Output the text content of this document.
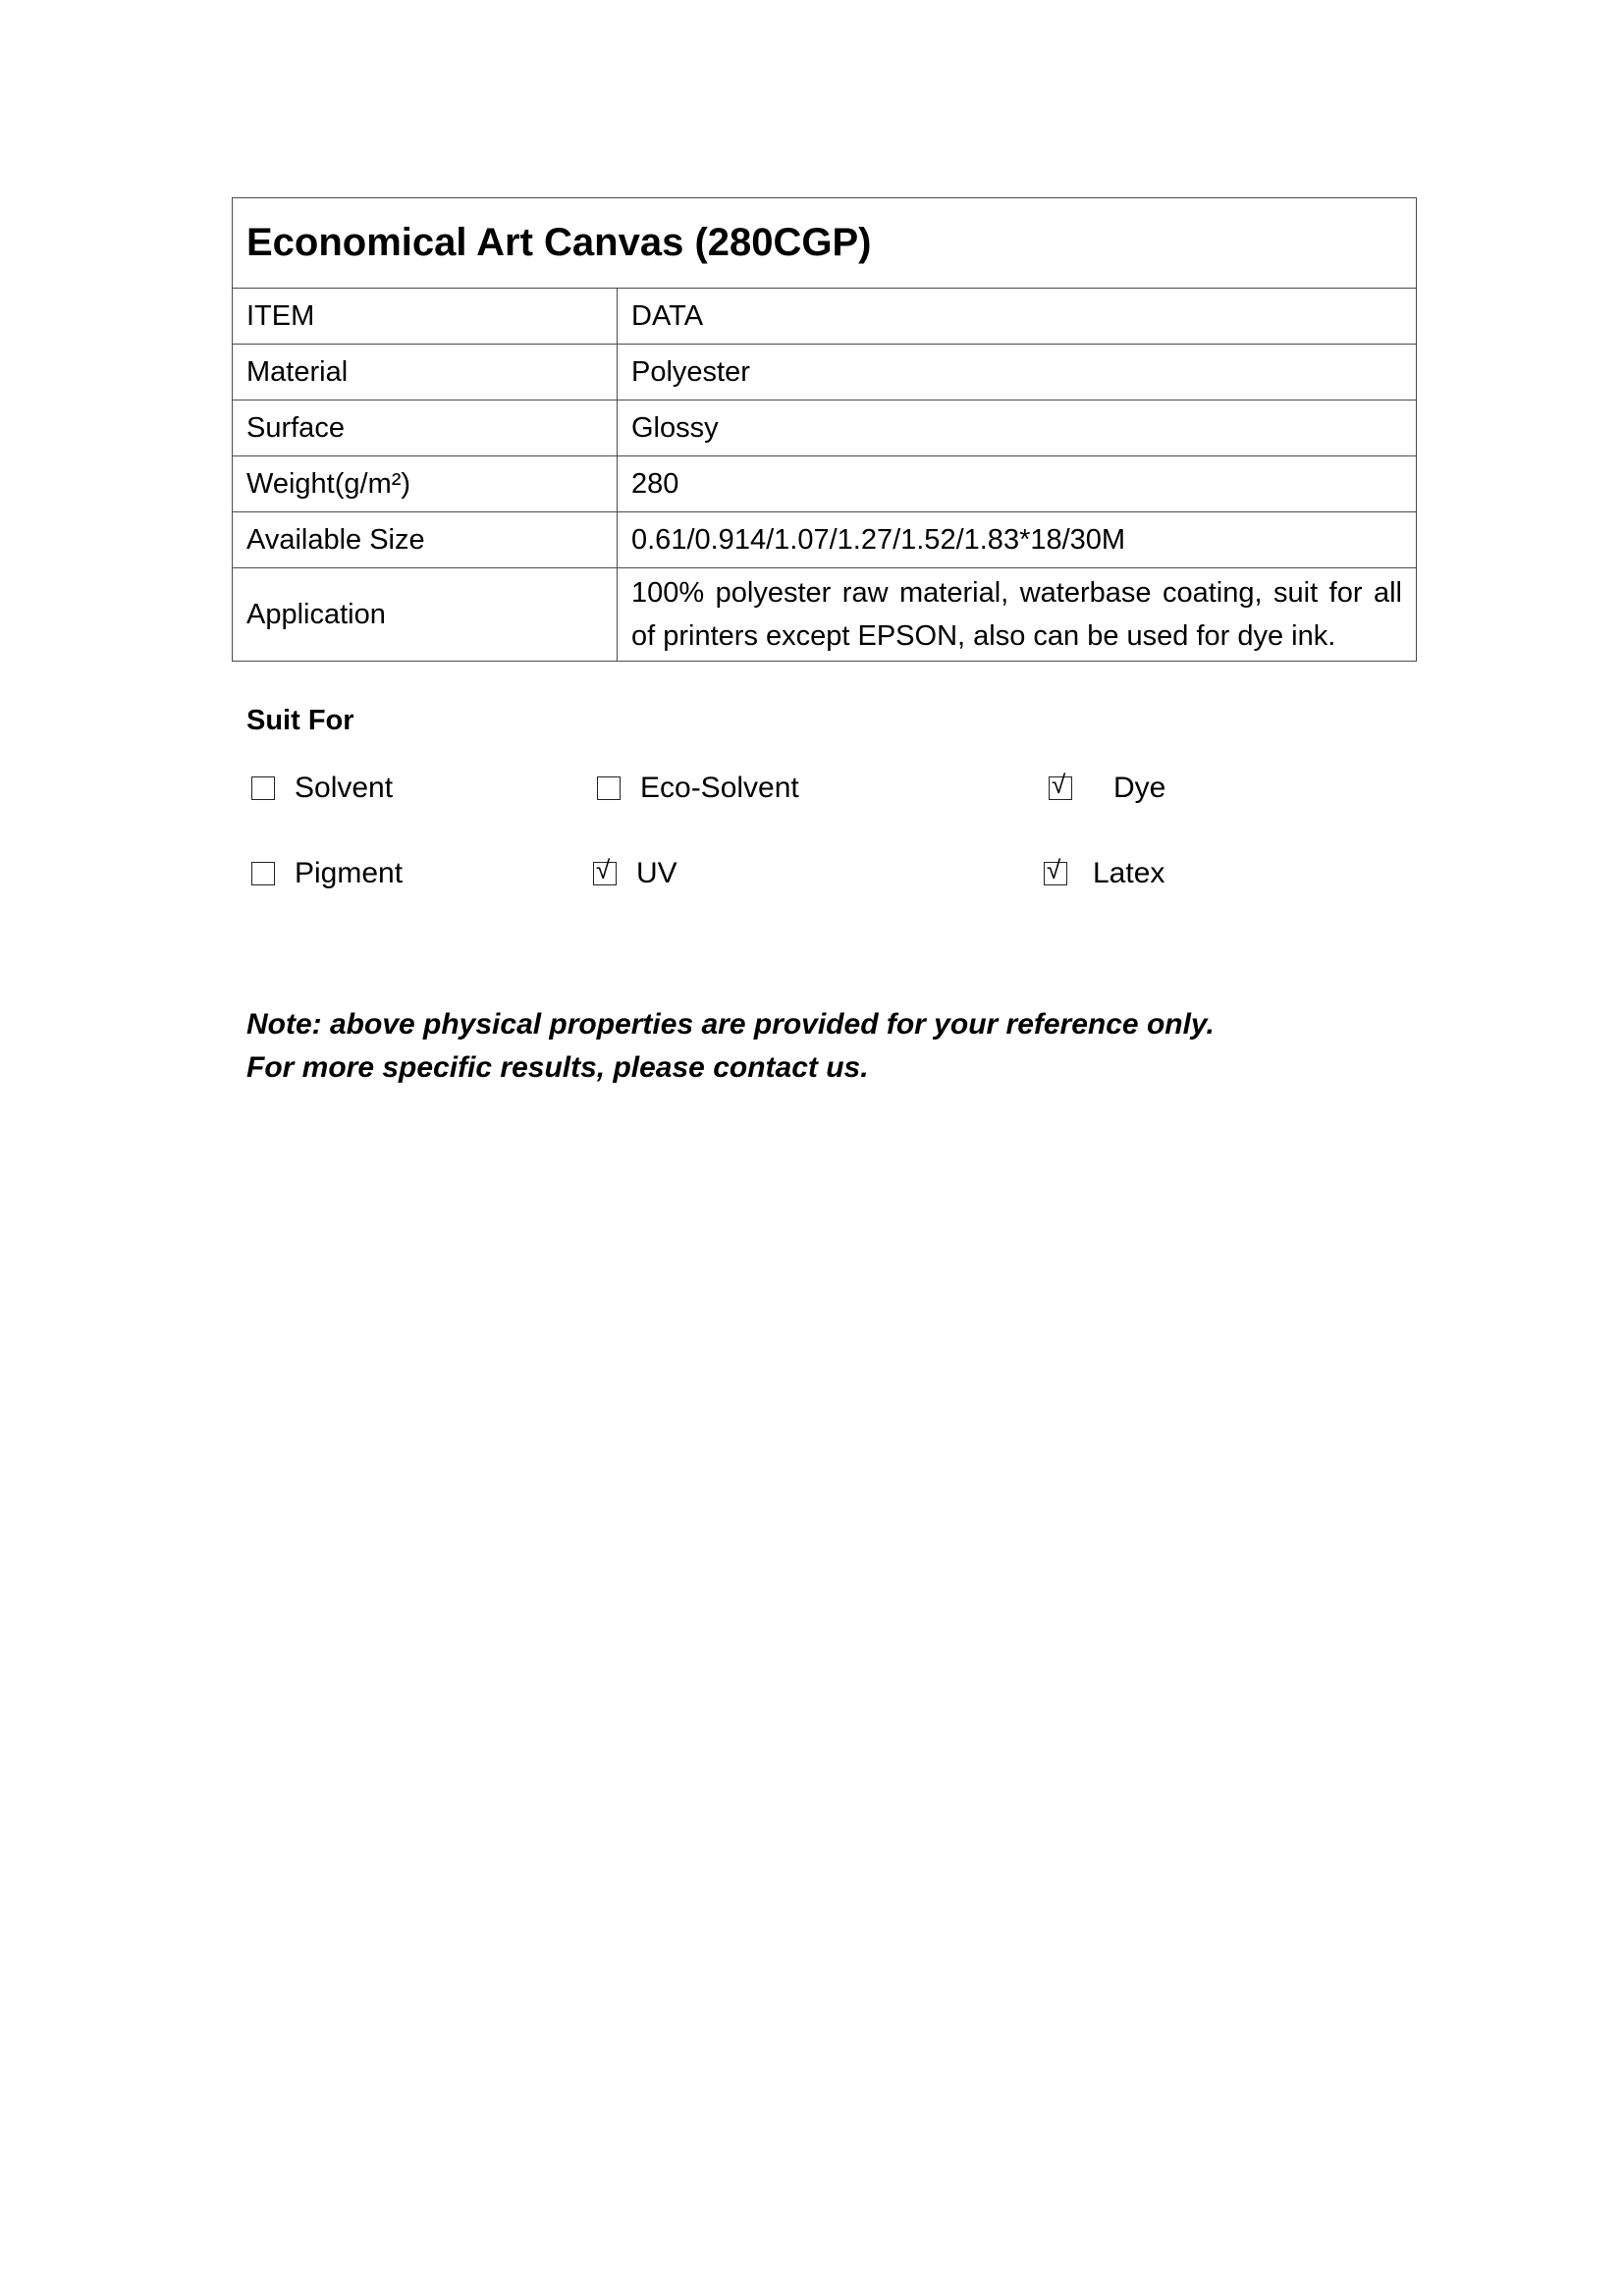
Economical Art Canvas (280CGP)	
ITEM	DATA
Material	Polyester
Surface	Glossy
Weight(g/m²)	280
Available Size	0.61/0.914/1.07/1.27/1.52/1.83*18/30M
Application	100% polyester raw material, waterbase coating, suit for all of printers except EPSON, also can be used for dye ink.
Suit For
Solvent	Eco-Solvent	√ Dye
Pigment	√ UV	√ Latex
Note: above physical properties are provided for your reference only.
For more specific results, please contact us.
